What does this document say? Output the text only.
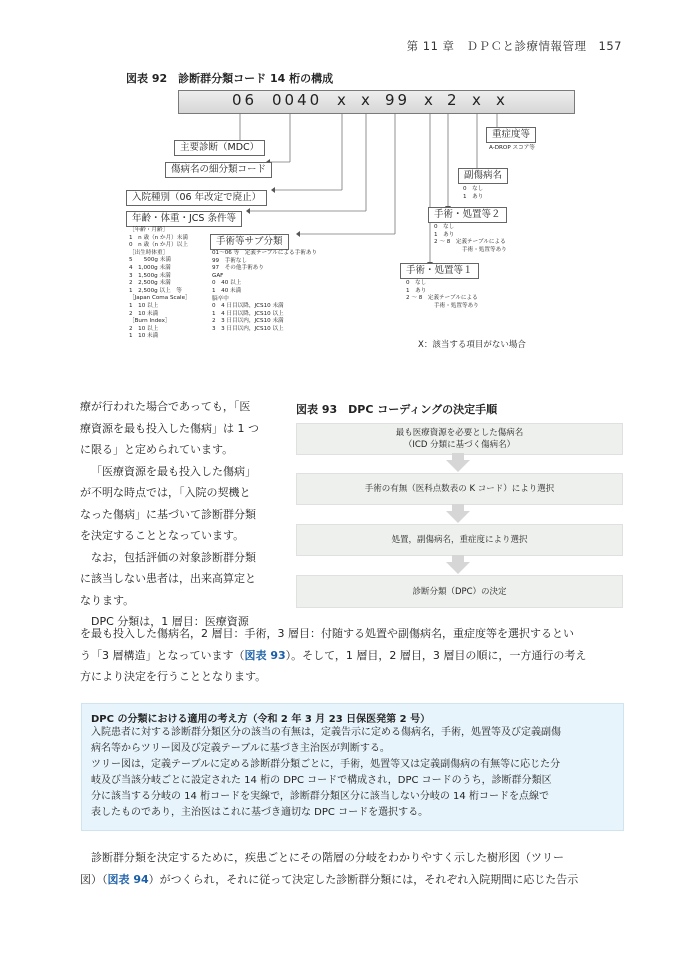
第 11 章　ＤＰＣと診療情報管理　157
図表 92　診断群分類コード 14 桁の構成
06 0040 x x 99 x 2 x x
主要診断（MDC）
傷病名の細分類コード
入院種別（06 年改定で廃止）
年齢・体重・JCS 条件等
手術等サブ分類
重症度等
A-DROP スコア等
副傷病名
手術・処置等２
手術・処置等１
［年齢・月齢］
1　n 歳（n か月）未満
0　n 歳（n か月）以上
［出生時体重］
5　　500g 未満
4　1,000g 未満
3　1,500g 未満
2　2,500g 未満
1　2,500g 以上　等
［Japan Coma Scale］
1　10 以上
2　10 未満
［Burn Index］
2　10 以上
1　10 未満
01～06 等　定義テーブルによる手術あり
99　手術なし
97　その他手術あり
GAF
0　40 以上
1　40 未満
脳卒中
0　4 日目以降，JCS10 未満
1　4 日目以降，JCS10 以上
2　3 日目以内，JCS10 未満
3　3 日目以内，JCS10 以上
0　なし
1　あり
0　なし
1　あり
2 ～ 8　定義テーブルによる
手術・処置等あり
0　なし
1　あり
2 ～ 8　定義テーブルによる
手術・処置等あり
X：該当する項目がない場合
療が行われた場合であっても，「医
療資源を最も投入した傷病」は 1 つ
に限る」と定められています。
「医療資源を最も投入した傷病」
が不明な時点では，「入院の契機と
なった傷病」に基づいて診断群分類
を決定することとなっています。
なお，包括評価の対象診断群分類
に該当しない患者は，出来高算定と
なります。
DPC 分類は，1 層目：医療資源
を最も投入した傷病名，2 層目：手術，3 層目：付随する処置や副傷病名，重症度等を選択するとい
う「3 層構造」となっています（図表 93）。そして，1 層目，2 層目，3 層目の順に，一方通行の考え
方により決定を行うこととなります。
図表 93　DPC コーディングの決定手順
最も医療資源を必要とした傷病名
（ICD 分類に基づく傷病名）
手術の有無（医科点数表の K コード）により選択
処置，副傷病名，重症度により選択
診断分類（DPC）の決定
DPC の分類における適用の考え方（令和 2 年 3 月 23 日保医発第 2 号）
入院患者に対する診断群分類区分の該当の有無は，定義告示に定める傷病名，手術，処置等及び定義副傷
病名等からツリー図及び定義テーブルに基づき主治医が判断する。
ツリー図は，定義テーブルに定める診断群分類ごとに，手術，処置等又は定義副傷病の有無等に応じた分
岐及び当該分岐ごとに設定された 14 桁の DPC コードで構成され，DPC コードのうち，診断群分類区
分に該当する分岐の 14 桁コードを実線で，診断群分類区分に該当しない分岐の 14 桁コードを点線で
表したものであり，主治医はこれに基づき適切な DPC コードを選択する。
診断群分類を決定するために，疾患ごとにその階層の分岐をわかりやすく示した樹形図（ツリー
図）（図表 94）がつくられ，それに従って決定した診断群分類には，それぞれ入院期間に応じた告示
